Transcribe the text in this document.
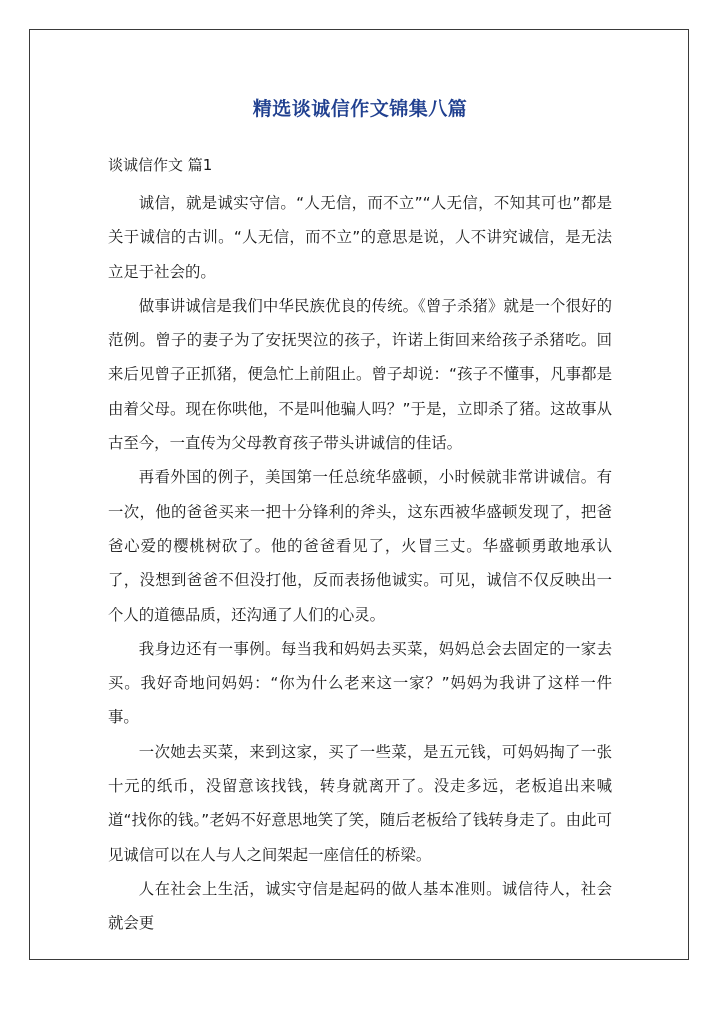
精选谈诚信作文锦集八篇
谈诚信作文 篇1

诚信，就是诚实守信。“人无信，而不立”“人无信，不知其可也”都是关于诚信的古训。“人无信，而不立”的意思是说，人不讲究诚信，是无法立足于社会的。

做事讲诚信是我们中华民族优良的传统。《曾子杀猪》就是一个很好的范例。曾子的妻子为了安抚哭泣的孩子，许诺上街回来给孩子杀猪吃。回来后见曾子正抓猪，便急忙上前阻止。曾子却说：“孩子不懂事，凡事都是由着父母。现在你哄他，不是叫他骗人吗？”于是，立即杀了猪。这故事从古至今，一直传为父母教育孩子带头讲诚信的佳话。

再看外国的例子，美国第一任总统华盛顿，小时候就非常讲诚信。有一次，他的爸爸买来一把十分锋利的斧头，这东西被华盛顿发现了，把爸爸心爱的樱桃树砍了。他的爸爸看见了，火冒三丈。华盛顿勇敢地承认了，没想到爸爸不但没打他，反而表扬他诚实。可见，诚信不仅反映出一个人的道德品质，还沟通了人们的心灵。

我身边还有一事例。每当我和妈妈去买菜，妈妈总会去固定的一家去买。我好奇地问妈妈：“你为什么老来这一家？”妈妈为我讲了这样一件事。

一次她去买菜，来到这家，买了一些菜，是五元钱，可妈妈掏了一张十元的纸币，没留意该找钱，转身就离开了。没走多远，老板追出来喊道“找你的钱。”老妈不好意思地笑了笑，随后老板给了钱转身走了。由此可见诚信可以在人与人之间架起一座信任的桥梁。

人在社会上生活，诚实守信是起码的做人基本准则。诚信待人，社会就会更
